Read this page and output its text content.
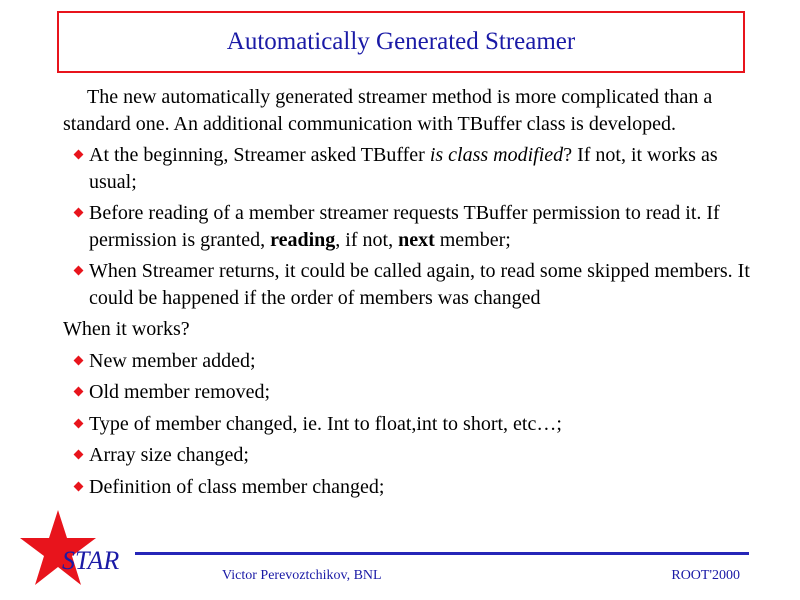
Automatically Generated Streamer

The new automatically generated streamer method is more complicated than a standard one. An additional communication with TBuffer class is developed.

At the beginning, Streamer asked TBuffer is class modified? If not, it works as usual;

Before reading of a member streamer requests TBuffer permission to read it. If permission is granted, reading, if not, next member;

When Streamer returns, it could be called again, to read some skipped members. It could be happened if the order of members was changed

When it works?

New member added;

Old member removed;

Type of member changed, ie. Int to float,int to short, etc…;

Array size changed;

Definition of class member changed;

STAR
Victor Perevoztchikov, BNL	ROOT'2000
